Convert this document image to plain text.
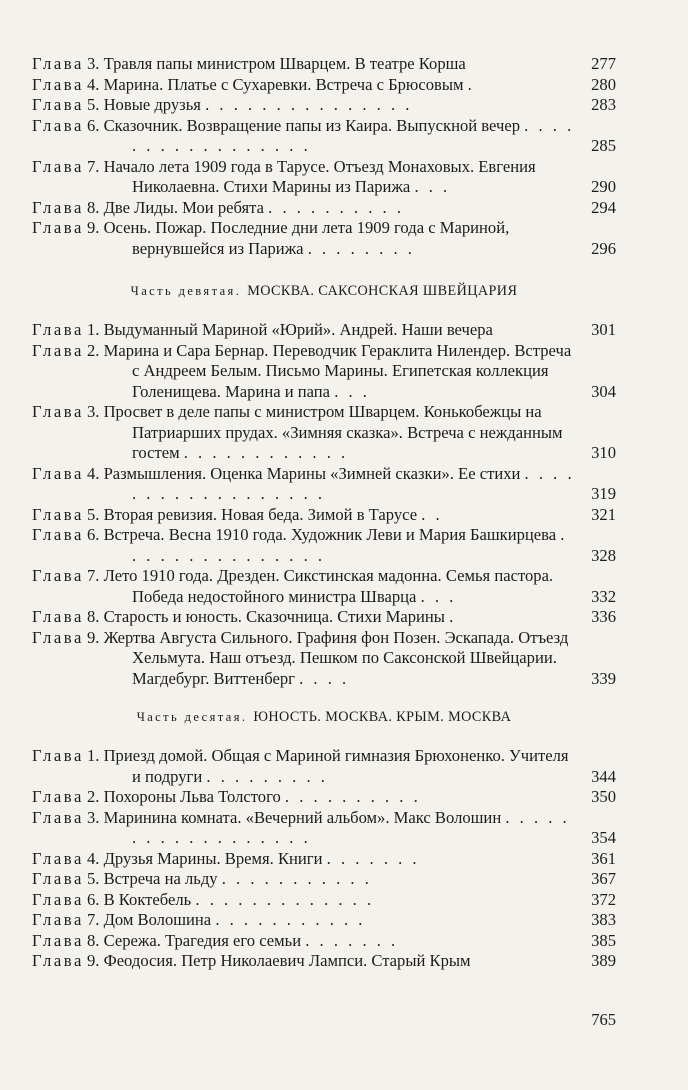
Глава 3. Травля папы министром Шварцем. В театре Корша	277
Глава 4. Марина. Платье с Сухаревки. Встреча с Брюсовым .	280
Глава 5. Новые друзья . . . . . . . . . . . . . . .	283
Глава 6. Сказочник. Возвращение папы из Каира. Выпускной вечер . . . . . . . . . . . . . . . . .	285
Глава 7. Начало лета 1909 года в Тарусе. Отъезд Монаховых. Евгения Николаевна. Стихи Марины из Парижа . . .	290
Глава 8. Две Лиды. Мои ребята . . . . . . . . . .	294
Глава 9. Осень. Пожар. Последние дни лета 1909 года с Мариной, вернувшейся из Парижа . . . . . . . .	296
Часть девятая. МОСКВА. САКСОНСКАЯ ШВЕЙЦАРИЯ
Глава 1. Выдуманный Мариной «Юрий». Андрей. Наши вечера	301
Глава 2. Марина и Сара Бернар. Переводчик Гераклита Нилендер. Встреча с Андреем Белым. Письмо Марины. Египетская коллекция Голенищева. Марина и папа . . .	304
Глава 3. Просвет в деле папы с министром Шварцем. Конькобежцы на Патриарших прудах. «Зимняя сказка». Встреча с нежданным гостем . . . . . . . . . . . .	310
Глава 4. Размышления. Оценка Марины «Зимней сказки». Ее стихи . . . . . . . . . . . . . . . . . .	319
Глава 5. Вторая ревизия. Новая беда. Зимой в Тарусе . .	321
Глава 6. Встреча. Весна 1910 года. Художник Леви и Мария Башкирцева . . . . . . . . . . . . . . .	328
Глава 7. Лето 1910 года. Дрезден. Сикстинская мадонна. Семья пастора. Победа недостойного министра Шварца . . .	332
Глава 8. Старость и юность. Сказочница. Стихи Марины .	336
Глава 9. Жертва Августа Сильного. Графиня фон Позен. Эскапада. Отъезд Хельмута. Наш отъезд. Пешком по Саксонской Швейцарии. Магдебург. Виттенберг . . . .	339
Часть десятая. ЮНОСТЬ. МОСКВА. КРЫМ. МОСКВА
Глава 1. Приезд домой. Общая с Мариной гимназия Брюхоненко. Учителя и подруги . . . . . . . . .	344
Глава 2. Похороны Льва Толстого . . . . . . . . . .	350
Глава 3. Маринина комната. «Вечерний альбом». Макс Волошин . . . . . . . . . . . . . . . . . .	354
Глава 4. Друзья Марины. Время. Книги . . . . . . .	361
Глава 5. Встреча на льду . . . . . . . . . . .	367
Глава 6. В Коктебель . . . . . . . . . . . . .	372
Глава 7. Дом Волошина . . . . . . . . . . .	383
Глава 8. Сережа. Трагедия его семьи . . . . . . .	385
Глава 9. Феодосия. Петр Николаевич Лампси. Старый Крым	389
765
